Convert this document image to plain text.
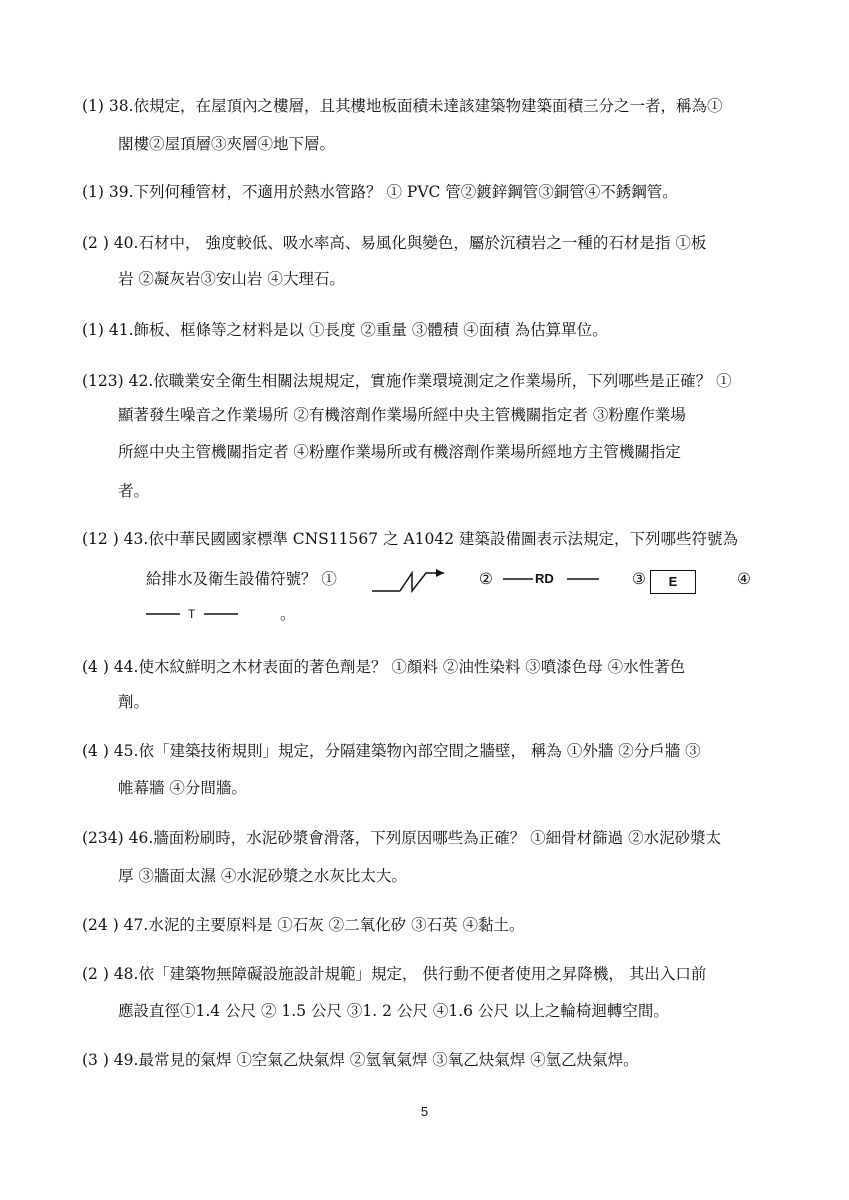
(1) 38.依規定，在屋頂內之樓層，且其樓地板面積未達該建築物建築面積三分之一者，稱為①
閣樓②屋頂層③夾層④地下層。
(1) 39.下列何種管材，不適用於熱水管路？ ① PVC 管②鍍鋅鋼管③銅管④不銹鋼管。
(2 ) 40.石材中， 強度較低、吸水率高、易風化與變色，屬於沉積岩之一種的石材是指 ①板
岩 ②凝灰岩③安山岩 ④大理石。
(1) 41.飾板、框條等之材料是以 ①長度 ②重量 ③體積 ④面積 為估算單位。
(123) 42.依職業安全衛生相關法規規定，實施作業環境測定之作業場所，下列哪些是正確？ ①
顯著發生噪音之作業場所 ②有機溶劑作業場所經中央主管機關指定者 ③粉塵作業場
所經中央主管機關指定者 ④粉塵作業場所或有機溶劑作業場所經地方主管機關指定
者。
(12 ) 43.依中華民國國家標準 CNS11567 之 A1042 建築設備圖表示法規定，下列哪些符號為
給排水及衛生設備符號？ ①	②	RD	③	E	④
T	。
(4 ) 44.使木紋鮮明之木材表面的著色劑是？ ①顏料 ②油性染料 ③噴漆色母 ④水性著色
劑。
(4 ) 45.依「建築技術規則」規定，分隔建築物內部空間之牆壁， 稱為 ①外牆 ②分戶牆 ③
帷幕牆 ④分間牆。
(234) 46.牆面粉刷時，水泥砂漿會滑落，下列原因哪些為正確？ ①細骨材篩過 ②水泥砂漿太
厚 ③牆面太濕 ④水泥砂漿之水灰比太大。
(24 ) 47.水泥的主要原料是 ①石灰 ②二氧化矽 ③石英 ④黏土。
(2 ) 48.依「建築物無障礙設施設計規範」規定， 供行動不便者使用之昇降機， 其出入口前
應設直徑①1.4 公尺 ② 1.5 公尺 ③1. 2 公尺 ④1.6 公尺 以上之輪椅迴轉空間。
(3 ) 49.最常見的氣焊 ①空氣乙炔氣焊 ②氫氧氣焊 ③氧乙炔氣焊 ④氫乙炔氣焊。
5
